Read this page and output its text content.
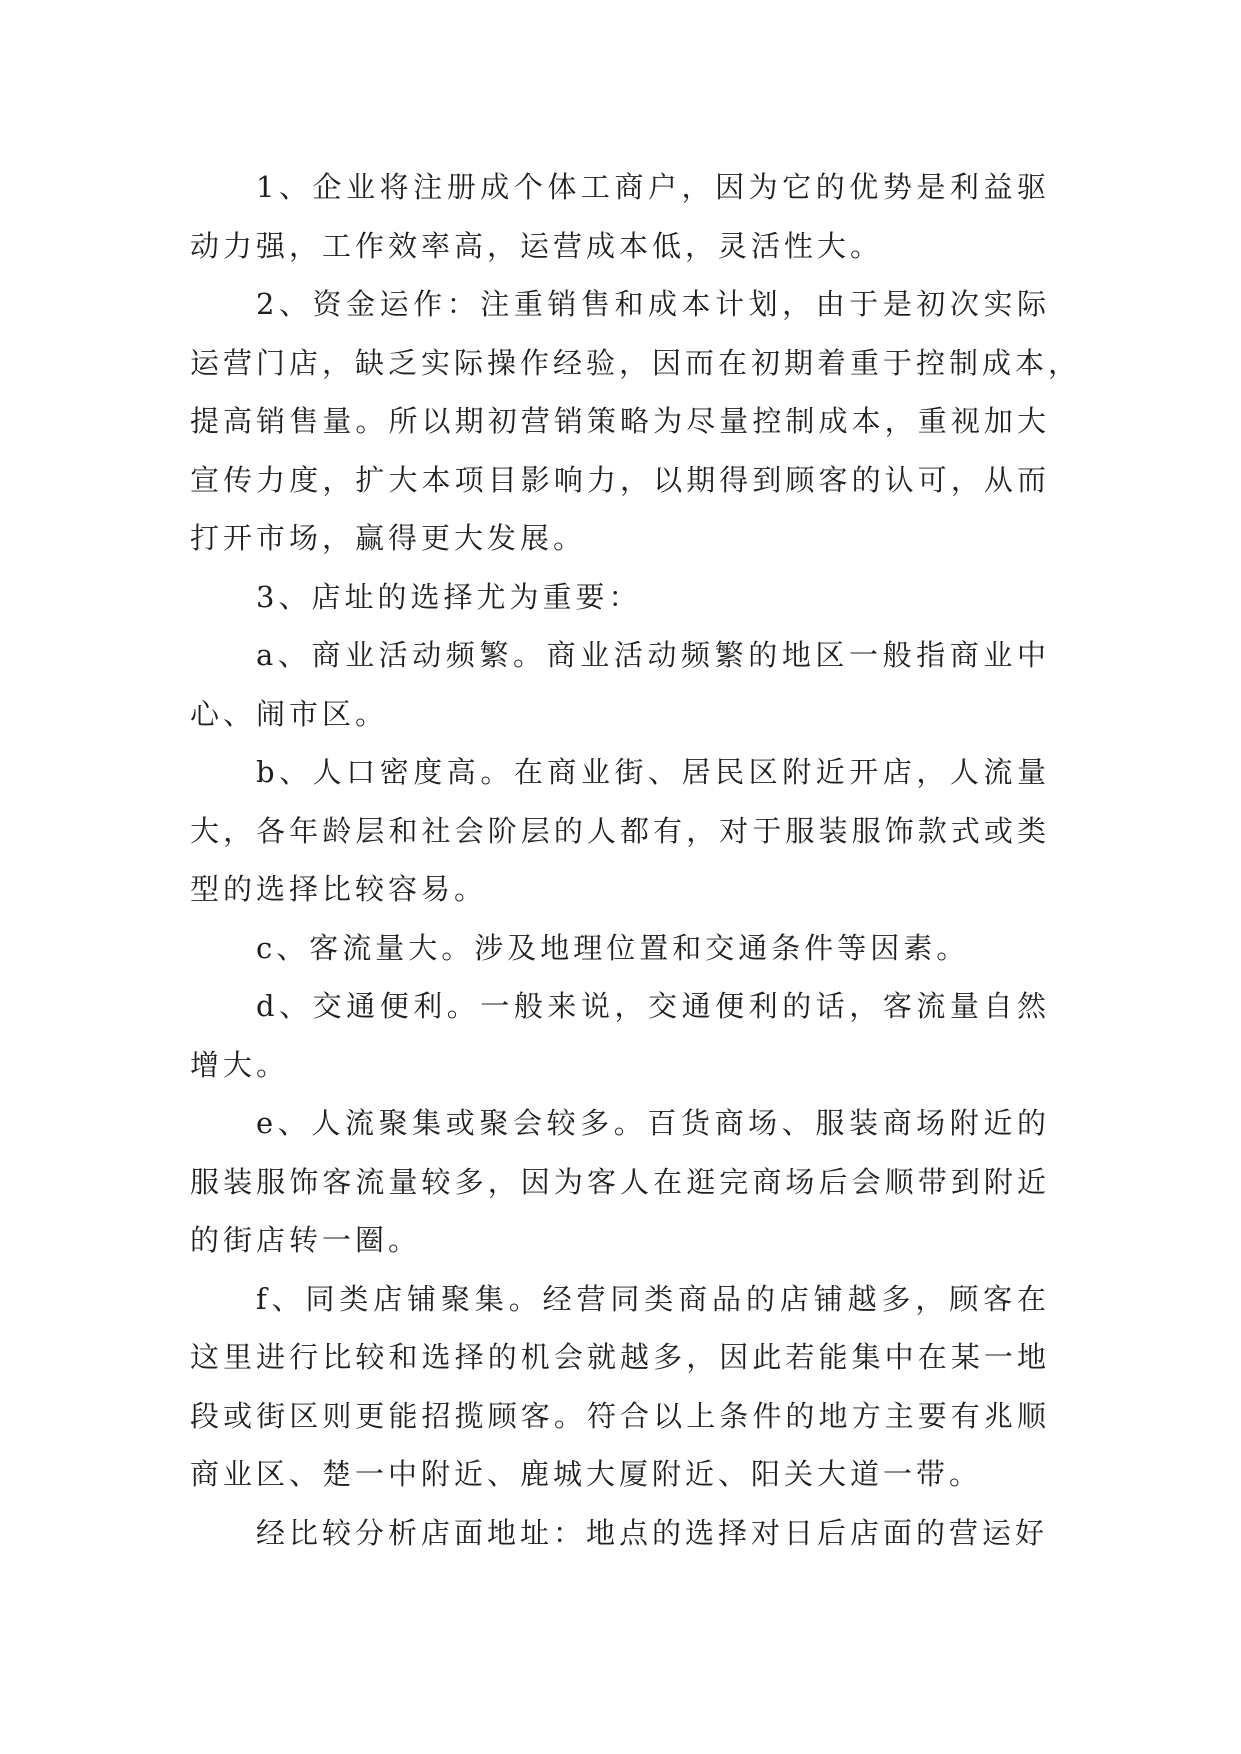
1、企业将注册成个体工商户，因为它的优势是利益驱
动力强，工作效率高，运营成本低，灵活性大。

2、资金运作：注重销售和成本计划，由于是初次实际
运营门店，缺乏实际操作经验，因而在初期着重于控制成本，
提高销售量。所以期初营销策略为尽量控制成本，重视加大
宣传力度，扩大本项目影响力，以期得到顾客的认可，从而
打开市场，赢得更大发展。

3、店址的选择尤为重要：

a、商业活动频繁。商业活动频繁的地区一般指商业中
心、闹市区。

b、人口密度高。在商业街、居民区附近开店，人流量
大，各年龄层和社会阶层的人都有，对于服装服饰款式或类
型的选择比较容易。

c、客流量大。涉及地理位置和交通条件等因素。

d、交通便利。一般来说，交通便利的话，客流量自然
增大。

e、人流聚集或聚会较多。百货商场、服装商场附近的
服装服饰客流量较多，因为客人在逛完商场后会顺带到附近
的街店转一圈。

f、同类店铺聚集。经营同类商品的店铺越多，顾客在
这里进行比较和选择的机会就越多，因此若能集中在某一地
段或街区则更能招揽顾客。符合以上条件的地方主要有兆顺
商业区、楚一中附近、鹿城大厦附近、阳关大道一带。

经比较分析店面地址：地点的选择对日后店面的营运好
